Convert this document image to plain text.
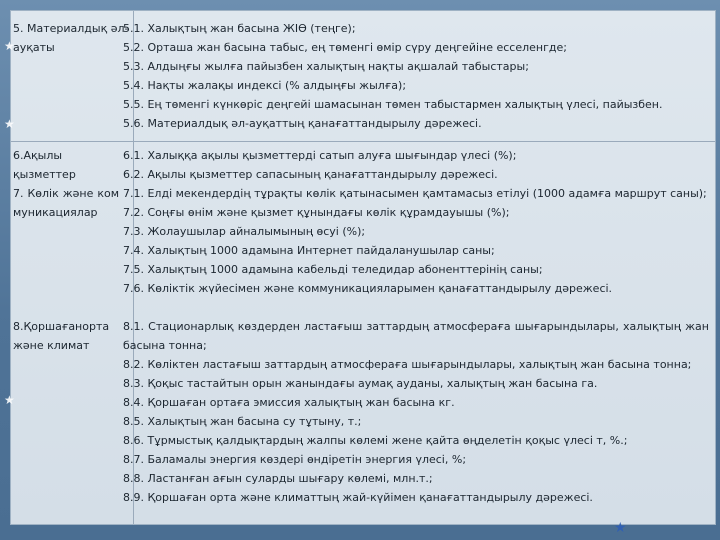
5. Материалдық әл-ауқаты
5.1. Халықтың жан басына ЖІӨ (теңге);
5.2. Орташа жан басына табыс, ең төменгі өмір сүру деңгейіне есселенгде;
5.3. Алдыңғы жылға пайызбен халықтың нақты ақшалай табыстары;
5.4. Нақты жалақы индексі (% алдыңғы жылға);
5.5. Ең төменгі күнкөріс деңгейі шамасынан төмен табыстармен халықтың үлесі, пайызбен.
5.6. Материалдық әл-ауқаттың қанағаттандырылу дәрежесі.
6.Ақылы қызметтер
6.1. Халыққа ақылы қызметтерді сатып алуға шығындар үлесі (%);
6.2. Ақылы қызметтер сапасының қанағаттандырылу дәрежесі.
7. Көлік және коммуникациялар
7.1. Елді мекендердің тұрақты көлік қатынасымен қамтамасыз етілуі (1000 адамға маршрут саны);
7.2. Соңғы өнім және қызмет құнындағы көлік құрамдауышы (%);
7.3. Жолаушылар айналымының өсуі (%);
7.4. Халықтың 1000 адамына Интернет пайдаланушылар саны;
7.5. Халықтың 1000 адамына кабельді теледидар абоненттерінің саны;
7.6. Көліктік жүйесімен және коммуникацияларымен қанағаттандырылу дәрежесі.
8.Қоршағанорта және климат
8.1. Стационарлық көздерден ластағыш заттардың атмосфераға шығарындылары, халықтың жан басына тонна;
8.2. Көліктен ластағыш заттардың атмосфераға шығарындылары, халықтың жан басына тонна;
8.3. Қоқыс тастайтын орын жанындағы аумақ ауданы, халықтың жан басына га.
8.4. Қоршаған ортаға эмиссия халықтың жан басына кг.
8.5. Халықтың жан басына су тұтыну, т.;
8.6. Тұрмыстық қалдықтардың жалпы көлемі жене қайта өңделетін қоқыс үлесі т, %.;
8.7. Баламалы энергия көздері өндіретін энергия үлесі, %;
8.8. Ластанған ағын суларды шығару көлемі, млн.т.;
8.9. Қоршаған орта және климаттың жай-күйімен қанағаттандырылу дәрежесі.
★
★
★
★
